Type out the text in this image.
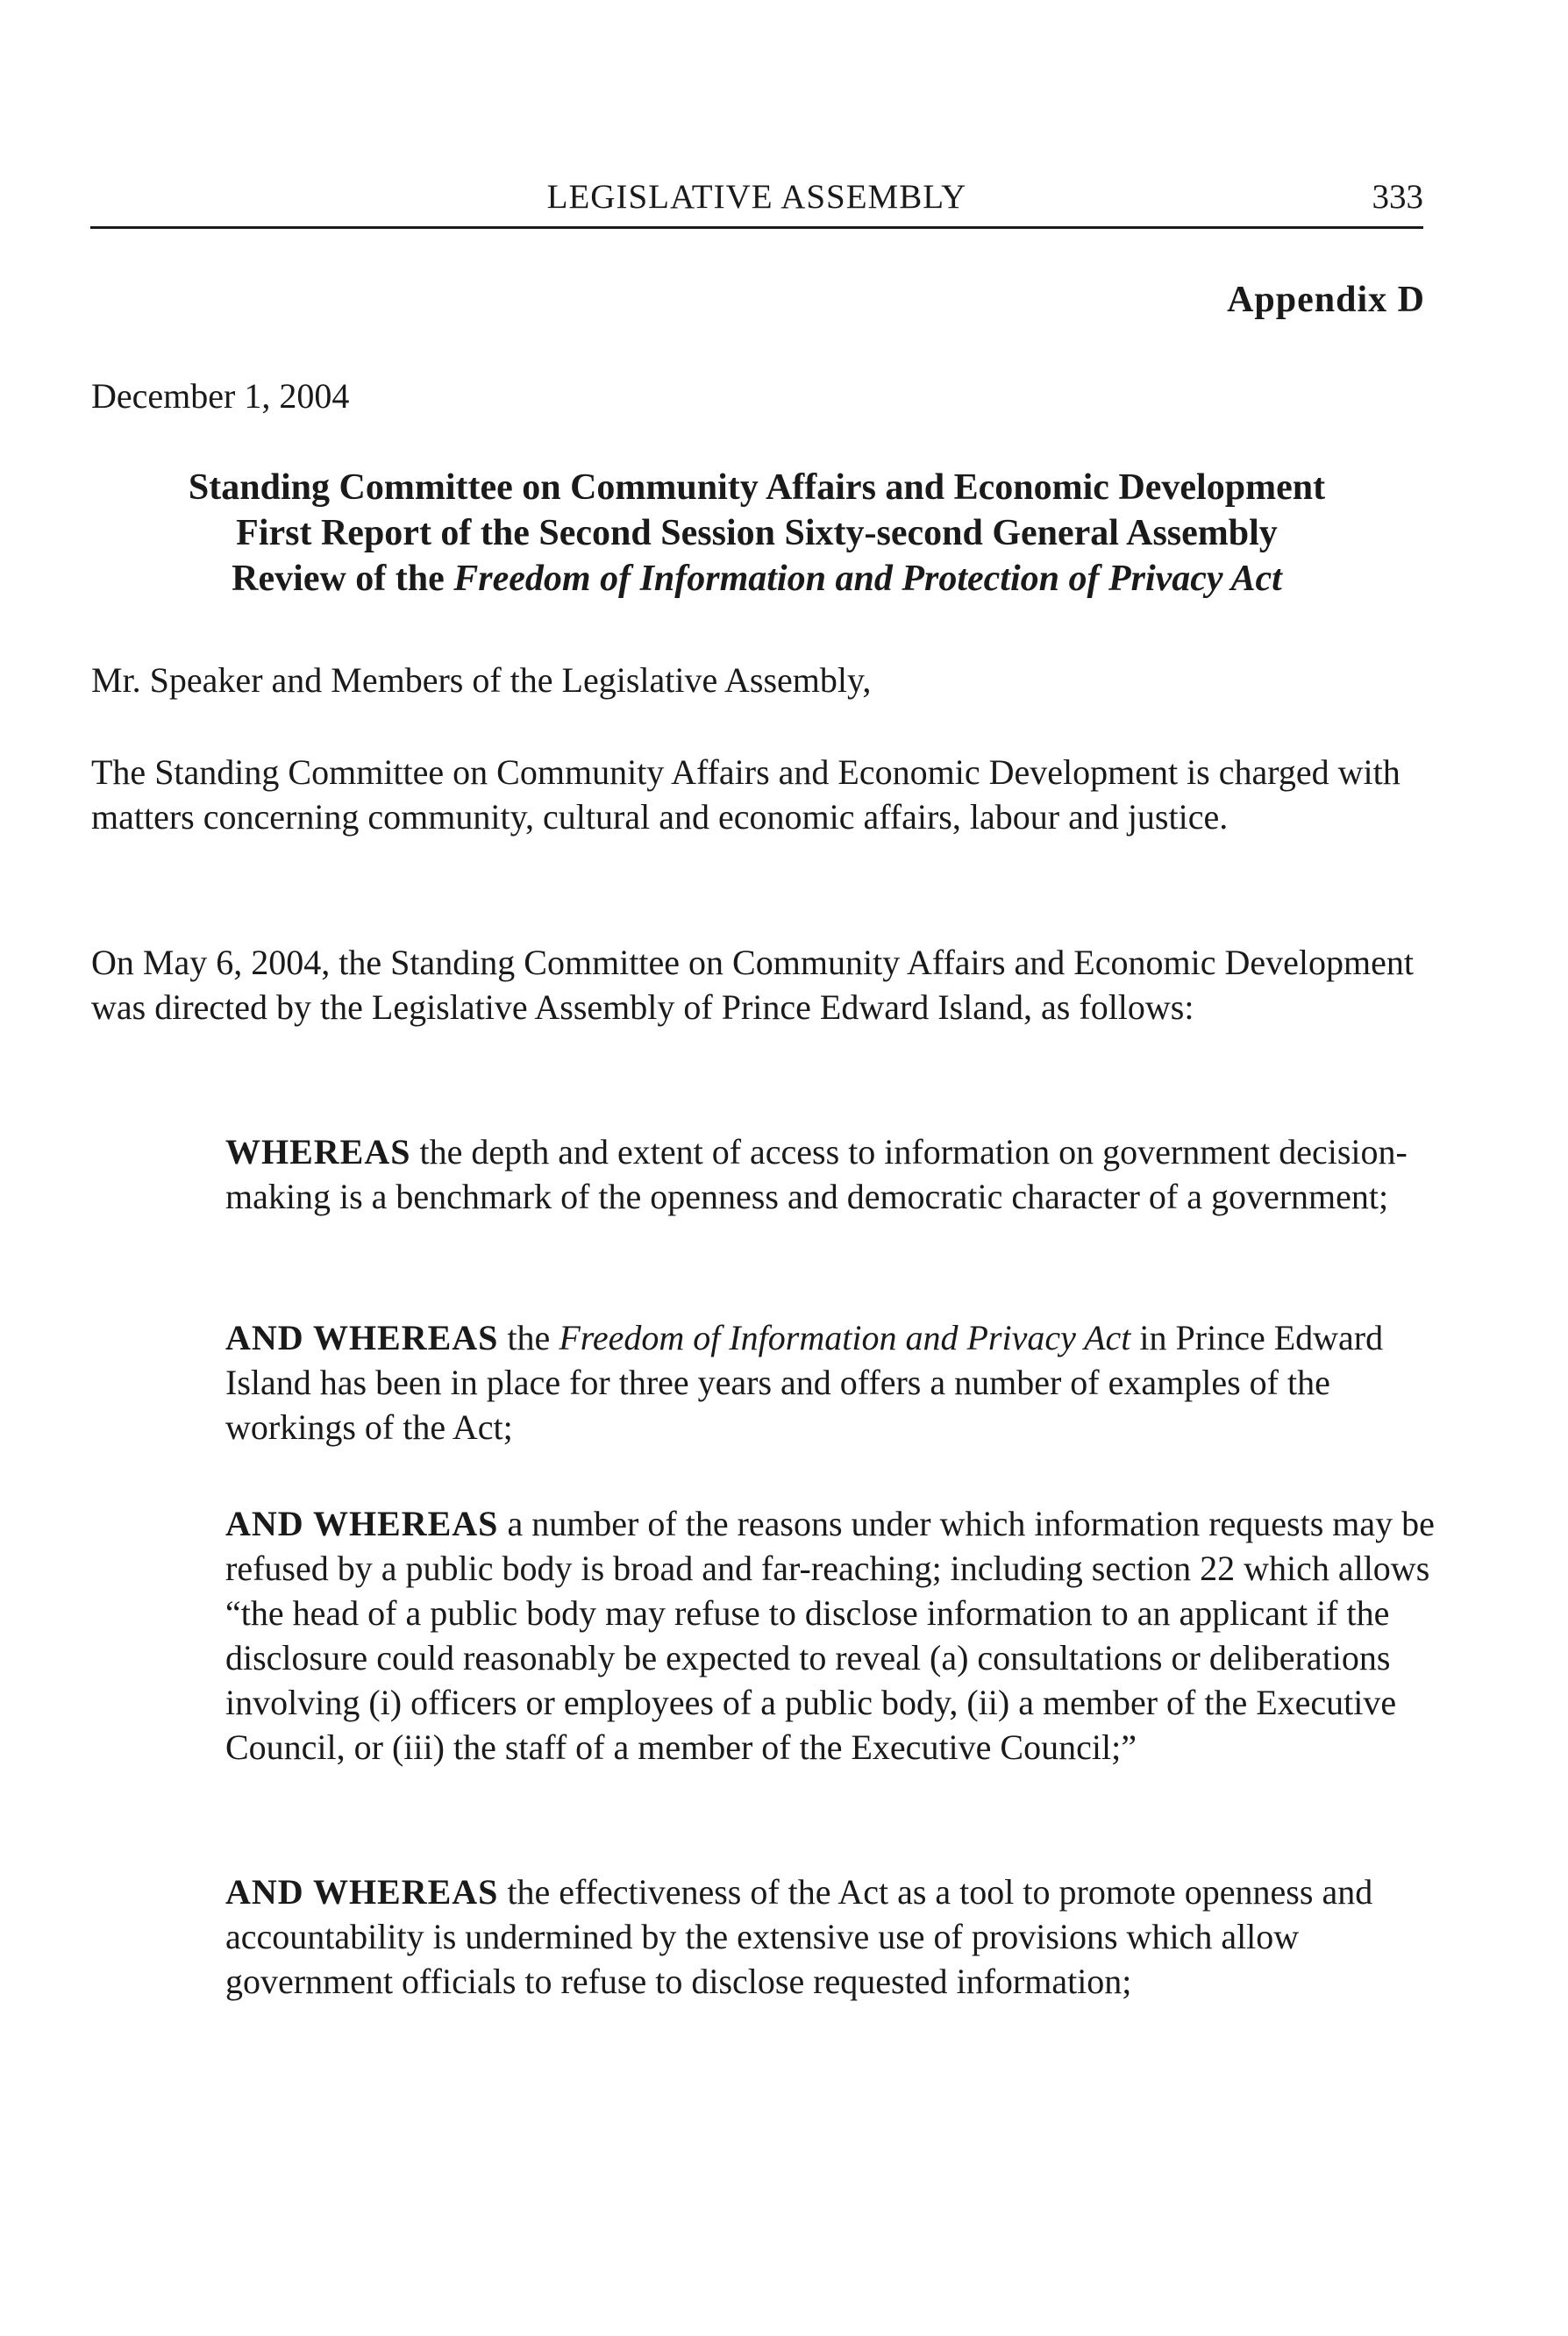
LEGISLATIVE ASSEMBLY	333
Appendix D
December 1, 2004
Standing Committee on Community Affairs and Economic Development
First Report of the Second Session Sixty-second General Assembly
Review of the Freedom of Information and Protection of Privacy Act

Mr. Speaker and Members of the Legislative Assembly,

The Standing Committee on Community Affairs and Economic Development is charged with matters concerning community, cultural and economic affairs, labour and justice.

On May 6, 2004, the Standing Committee on Community Affairs and Economic Development was directed by the Legislative Assembly of Prince Edward Island, as follows:

WHEREAS the depth and extent of access to information on government decision-making is a benchmark of the openness and democratic character of a government;

AND WHEREAS the Freedom of Information and Privacy Act in Prince Edward Island has been in place for three years and offers a number of examples of the workings of the Act;

AND WHEREAS a number of the reasons under which information requests may be refused by a public body is broad and far-reaching; including section 22 which allows “the head of a public body may refuse to disclose information to an applicant if the disclosure could reasonably be expected to reveal (a) consultations or deliberations involving (i) officers or employees of a public body, (ii) a member of the Executive Council, or (iii) the staff of a member of the Executive Council;”

AND WHEREAS the effectiveness of the Act as a tool to promote openness and accountability is undermined by the extensive use of provisions which allow government officials to refuse to disclose requested information;
